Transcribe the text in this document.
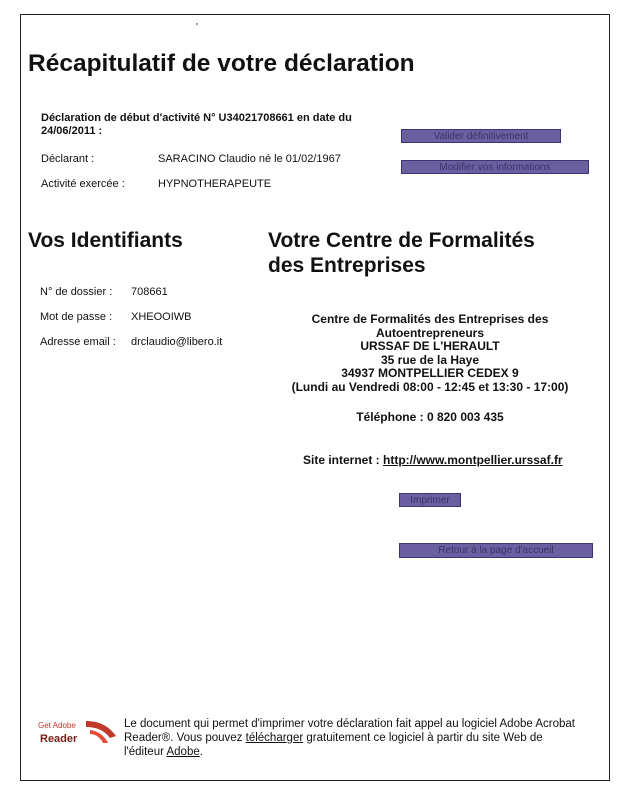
'
Récapitulatif de votre déclaration
Déclaration de début d'activité N° U34021708661 en date du
24/06/2011 :
Déclarant :	SARACINO Claudio né le 01/02/1967
Activité exercée :	HYPNOTHERAPEUTE
Valider définitivement
Modifier vos informations
Vos Identifiants
N° de dossier : 708661
Mot de passe : XHEOOIWB
Adresse email : drclaudio@libero.it
Votre Centre de Formalités
des Entreprises
Centre de Formalités des Entreprises des
Autoentrepreneurs
URSSAF DE L'HERAULT
35 rue de la Haye
34937 MONTPELLIER CEDEX 9
(Lundi au Vendredi 08:00 - 12:45 et 13:30 - 17:00)
Téléphone : 0 820 003 435
Site internet : http://www.montpellier.urssaf.fr
Imprimer
Retour à la page d'accueil
Get Adobe
Reader
Le document qui permet d'imprimer votre déclaration fait appel au logiciel Adobe Acrobat Reader®. Vous pouvez télécharger gratuitement ce logiciel à partir du site Web de l'éditeur Adobe.
